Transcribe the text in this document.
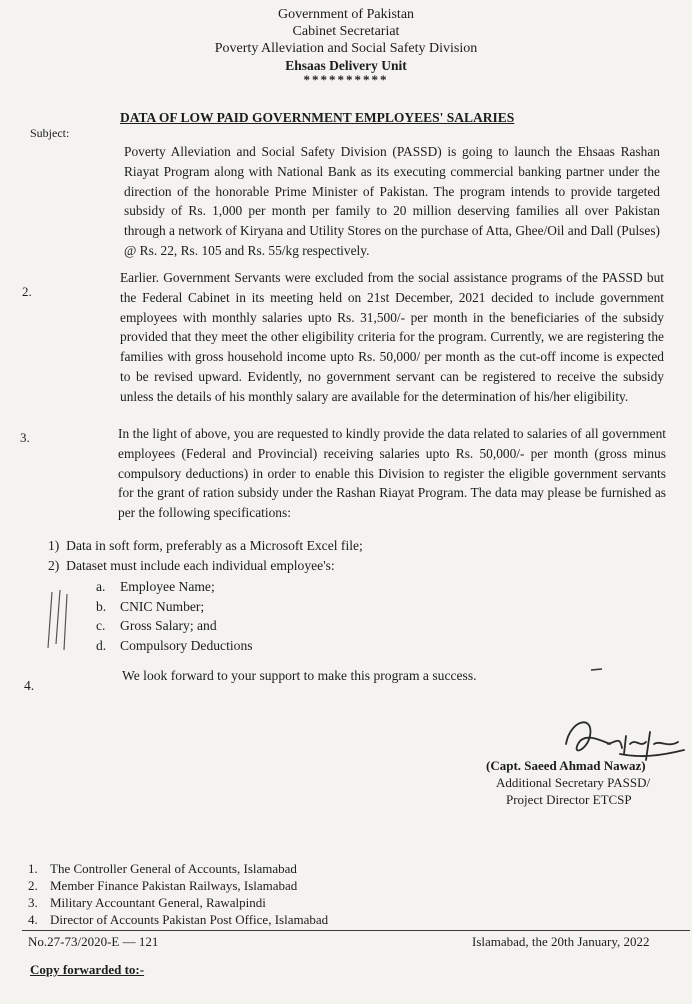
Government of Pakistan
Cabinet Secretariat
Poverty Alleviation and Social Safety Division
Ehsaas Delivery Unit
**********
Subject:
DATA OF LOW PAID GOVERNMENT EMPLOYEES' SALARIES
Poverty Alleviation and Social Safety Division (PASSD) is going to launch the Ehsaas Rashan Riayat Program along with National Bank as its executing commercial banking partner under the direction of the honorable Prime Minister of Pakistan. The program intends to provide targeted subsidy of Rs. 1,000 per month per family to 20 million deserving families all over Pakistan through a network of Kiryana and Utility Stores on the purchase of Atta, Ghee/Oil and Dall (Pulses) @ Rs. 22, Rs. 105 and Rs. 55/kg respectively.
2.
Earlier. Government Servants were excluded from the social assistance programs of the PASSD but the Federal Cabinet in its meeting held on 21st December, 2021 decided to include government employees with monthly salaries upto Rs. 31,500/- per month in the beneficiaries of the subsidy provided that they meet the other eligibility criteria for the program. Currently, we are registering the families with gross household income upto Rs. 50,000/ per month as the cut-off income is expected to be revised upward. Evidently, no government servant can be registered to receive the subsidy unless the details of his monthly salary are available for the determination of his/her eligibility.
3.	In the light of above, you are requested to kindly provide the data related to salaries of all government employees (Federal and Provincial) receiving salaries upto Rs. 50,000/- per month (gross minus compulsory deductions) in order to enable this Division to register the eligible government servants for the grant of ration subsidy under the Rashan Riayat Program. The data may please be furnished as per the following specifications:
1) Data in soft form, preferably as a Microsoft Excel file;
2) Dataset must include each individual employee's:
a. Employee Name;
b. CNIC Number;
c. Gross Salary; and
d. Compulsory Deductions
4.
We look forward to your support to make this program a success.
(Capt. Saeed Ahmad Nawaz)
Additional Secretary PASSD/
Project Director ETCSP
1. The Controller General of Accounts, Islamabad
2. Member Finance Pakistan Railways, Islamabad
3. Military Accountant General, Rawalpindi
4. Director of Accounts Pakistan Post Office, Islamabad
No.27-73/2020-E — 121	Islamabad, the 20th January, 2022
Copy forwarded to:-
